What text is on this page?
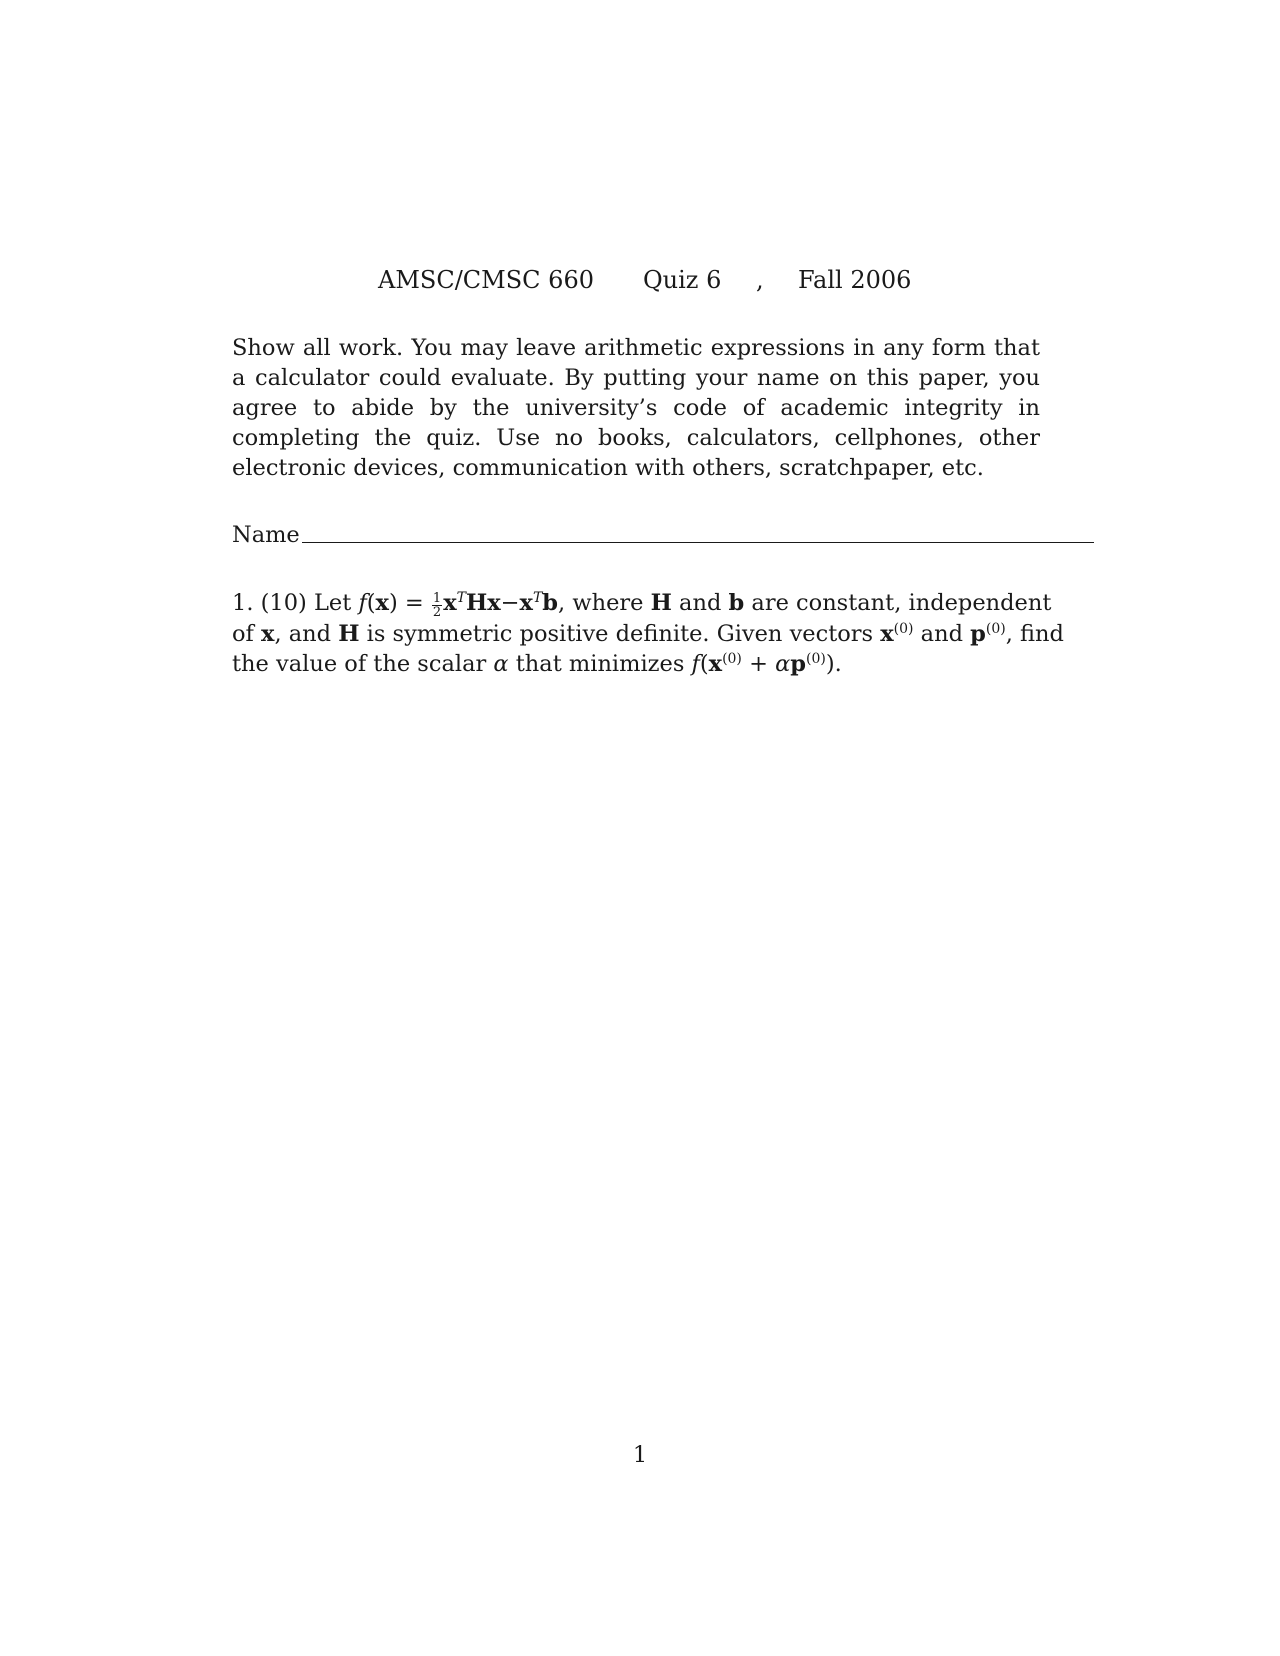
AMSC/CMSC 660 Quiz 6 , Fall 2006
Show all work. You may leave arithmetic expressions in any form that a calculator could evaluate. By putting your name on this paper, you agree to abide by the university’s code of academic integrity in completing the quiz. Use no books, calculators, cellphones, other electronic devices, communication with others, scratchpaper, etc.
Name
1. (10) Let $f(x) = \frac{1}{2} x^THx-x^Tb$, where H and b are constant, independent
of x, and H is symmetric positive definite. Given vectors $x^{(0)}$ and $p^{(0)}$, find
the value of the scalar α that minimizes $f(x^{(0)} + \alpha p^{(0)})$.
1
